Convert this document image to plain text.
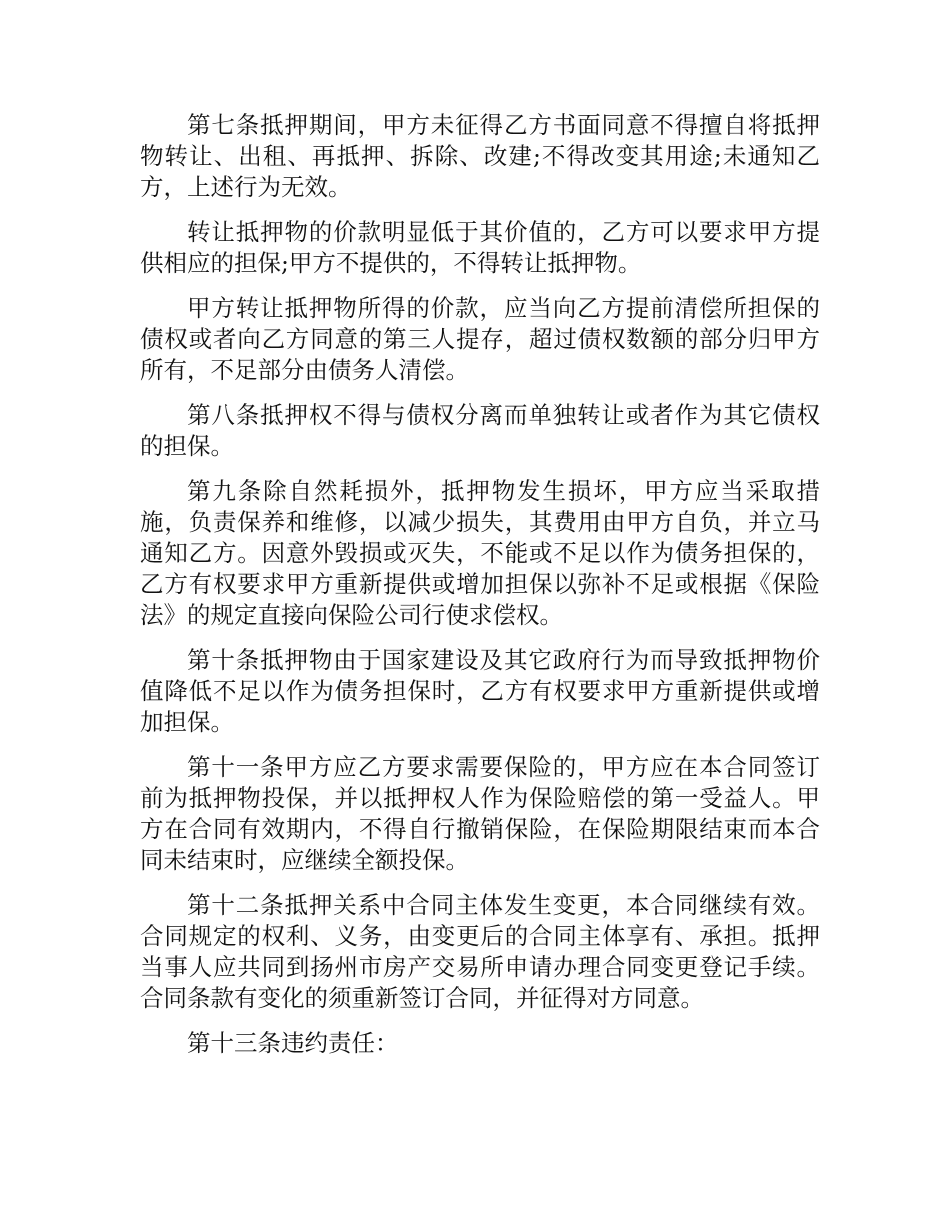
第七条抵押期间，甲方未征得乙方书面同意不得擅自将抵押物转让、出租、再抵押、拆除、改建;不得改变其用途;未通知乙方，上述行为无效。

转让抵押物的价款明显低于其价值的，乙方可以要求甲方提供相应的担保;甲方不提供的，不得转让抵押物。

甲方转让抵押物所得的价款，应当向乙方提前清偿所担保的债权或者向乙方同意的第三人提存，超过债权数额的部分归甲方所有，不足部分由债务人清偿。

第八条抵押权不得与债权分离而单独转让或者作为其它债权的担保。

第九条除自然耗损外，抵押物发生损坏，甲方应当采取措施，负责保养和维修，以减少损失，其费用由甲方自负，并立马通知乙方。因意外毁损或灭失，不能或不足以作为债务担保的，乙方有权要求甲方重新提供或增加担保以弥补不足或根据《保险法》的规定直接向保险公司行使求偿权。

第十条抵押物由于国家建设及其它政府行为而导致抵押物价值降低不足以作为债务担保时，乙方有权要求甲方重新提供或增加担保。

第十一条甲方应乙方要求需要保险的，甲方应在本合同签订前为抵押物投保，并以抵押权人作为保险赔偿的第一受益人。甲方在合同有效期内，不得自行撤销保险，在保险期限结束而本合同未结束时，应继续全额投保。

第十二条抵押关系中合同主体发生变更，本合同继续有效。合同规定的权利、义务，由变更后的合同主体享有、承担。抵押当事人应共同到扬州市房产交易所申请办理合同变更登记手续。合同条款有变化的须重新签订合同，并征得对方同意。

第十三条违约责任：
